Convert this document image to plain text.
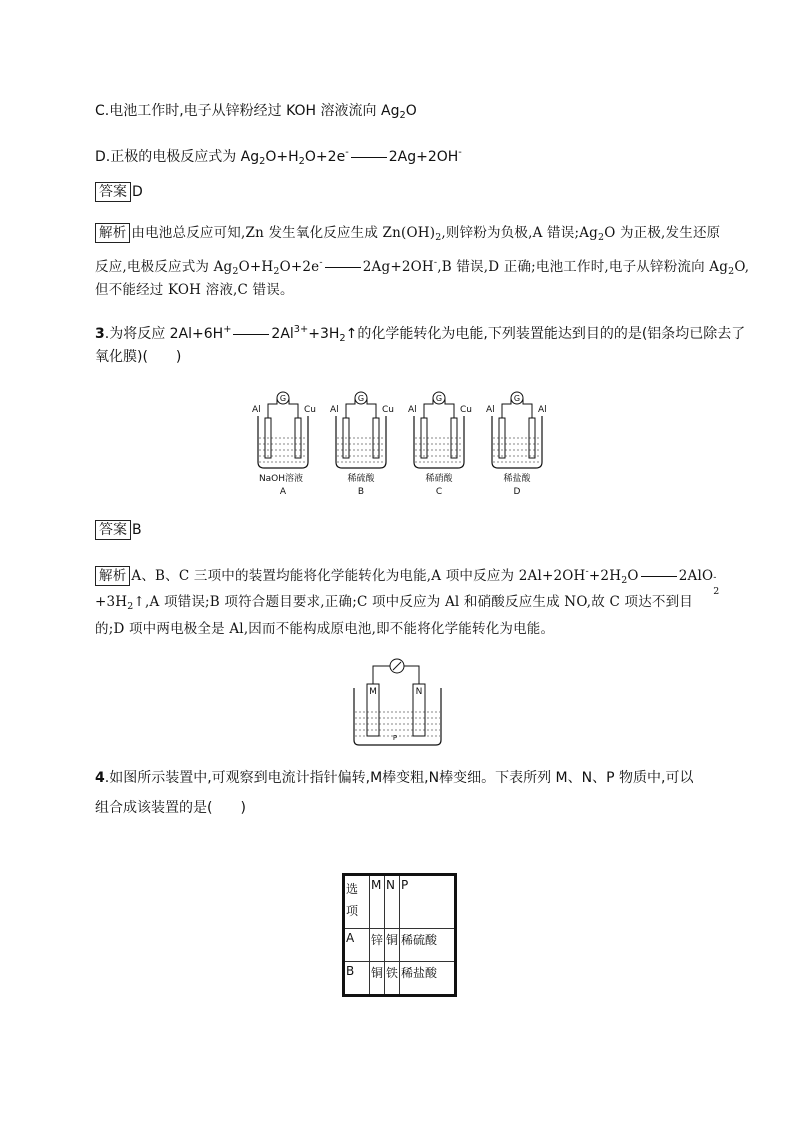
C.电池工作时,电子从锌粉经过 KOH 溶液流向 $Ag_2O$
D.正极的电极反应式为 $Ag_2O+H_2O+2e^-$	2Ag+2OH-
答案 D
解析 由电池总反应可知,Zn 发生氧化反应生成 $Zn(OH)_2$,则锌粉为负极,A 错误$;Ag_2O$ 为正极,发生还原
反应,电极反应式为 $Ag_2O+H_2O+2e^-$	2Ag+2OH-,B 错误,D 正确;电池工作时,电子从锌粉流向 $Ag_2O$,
但不能经过 KOH 溶液,C 错误。
3.为将反应 2Al+6H+	$2Al^{3+}+3H_2↑$的化学能转化为电能,下列装置能达到目的的是(铝条均已除去了
氧化膜)(　　)
G
Al	Cu
NaOH溶液
A
G
Al	Cu
稀硫酸
B
G
Al	Cu
稀硝酸
C
G
Al	Al
稀盐酸
D
答案 B
解析 A、B、C 三项中的装置均能将化学能转化为电能,A 项中反应为 $2Al+2OH^-+2H_2O$	2AlO -
2
$+3H_2↑,A$ 项错误;B 项符合题目要求,正确;C 项中反应为 Al 和硝酸反应生成 NO,故 C 项达不到目
的;D 项中两电极全是 Al,因而不能构成原电池,即不能将化学能转化为电能。
M	N
P
4.如图所示装置中,可观察到电流计指针偏转,M棒变粗,N棒变细。下表所列 M、N、P 物质中,可以
组合成该装置的是(　　)
选项	M	N	P
A	锌	铜	稀硫酸
B	铜	铁	稀盐酸
